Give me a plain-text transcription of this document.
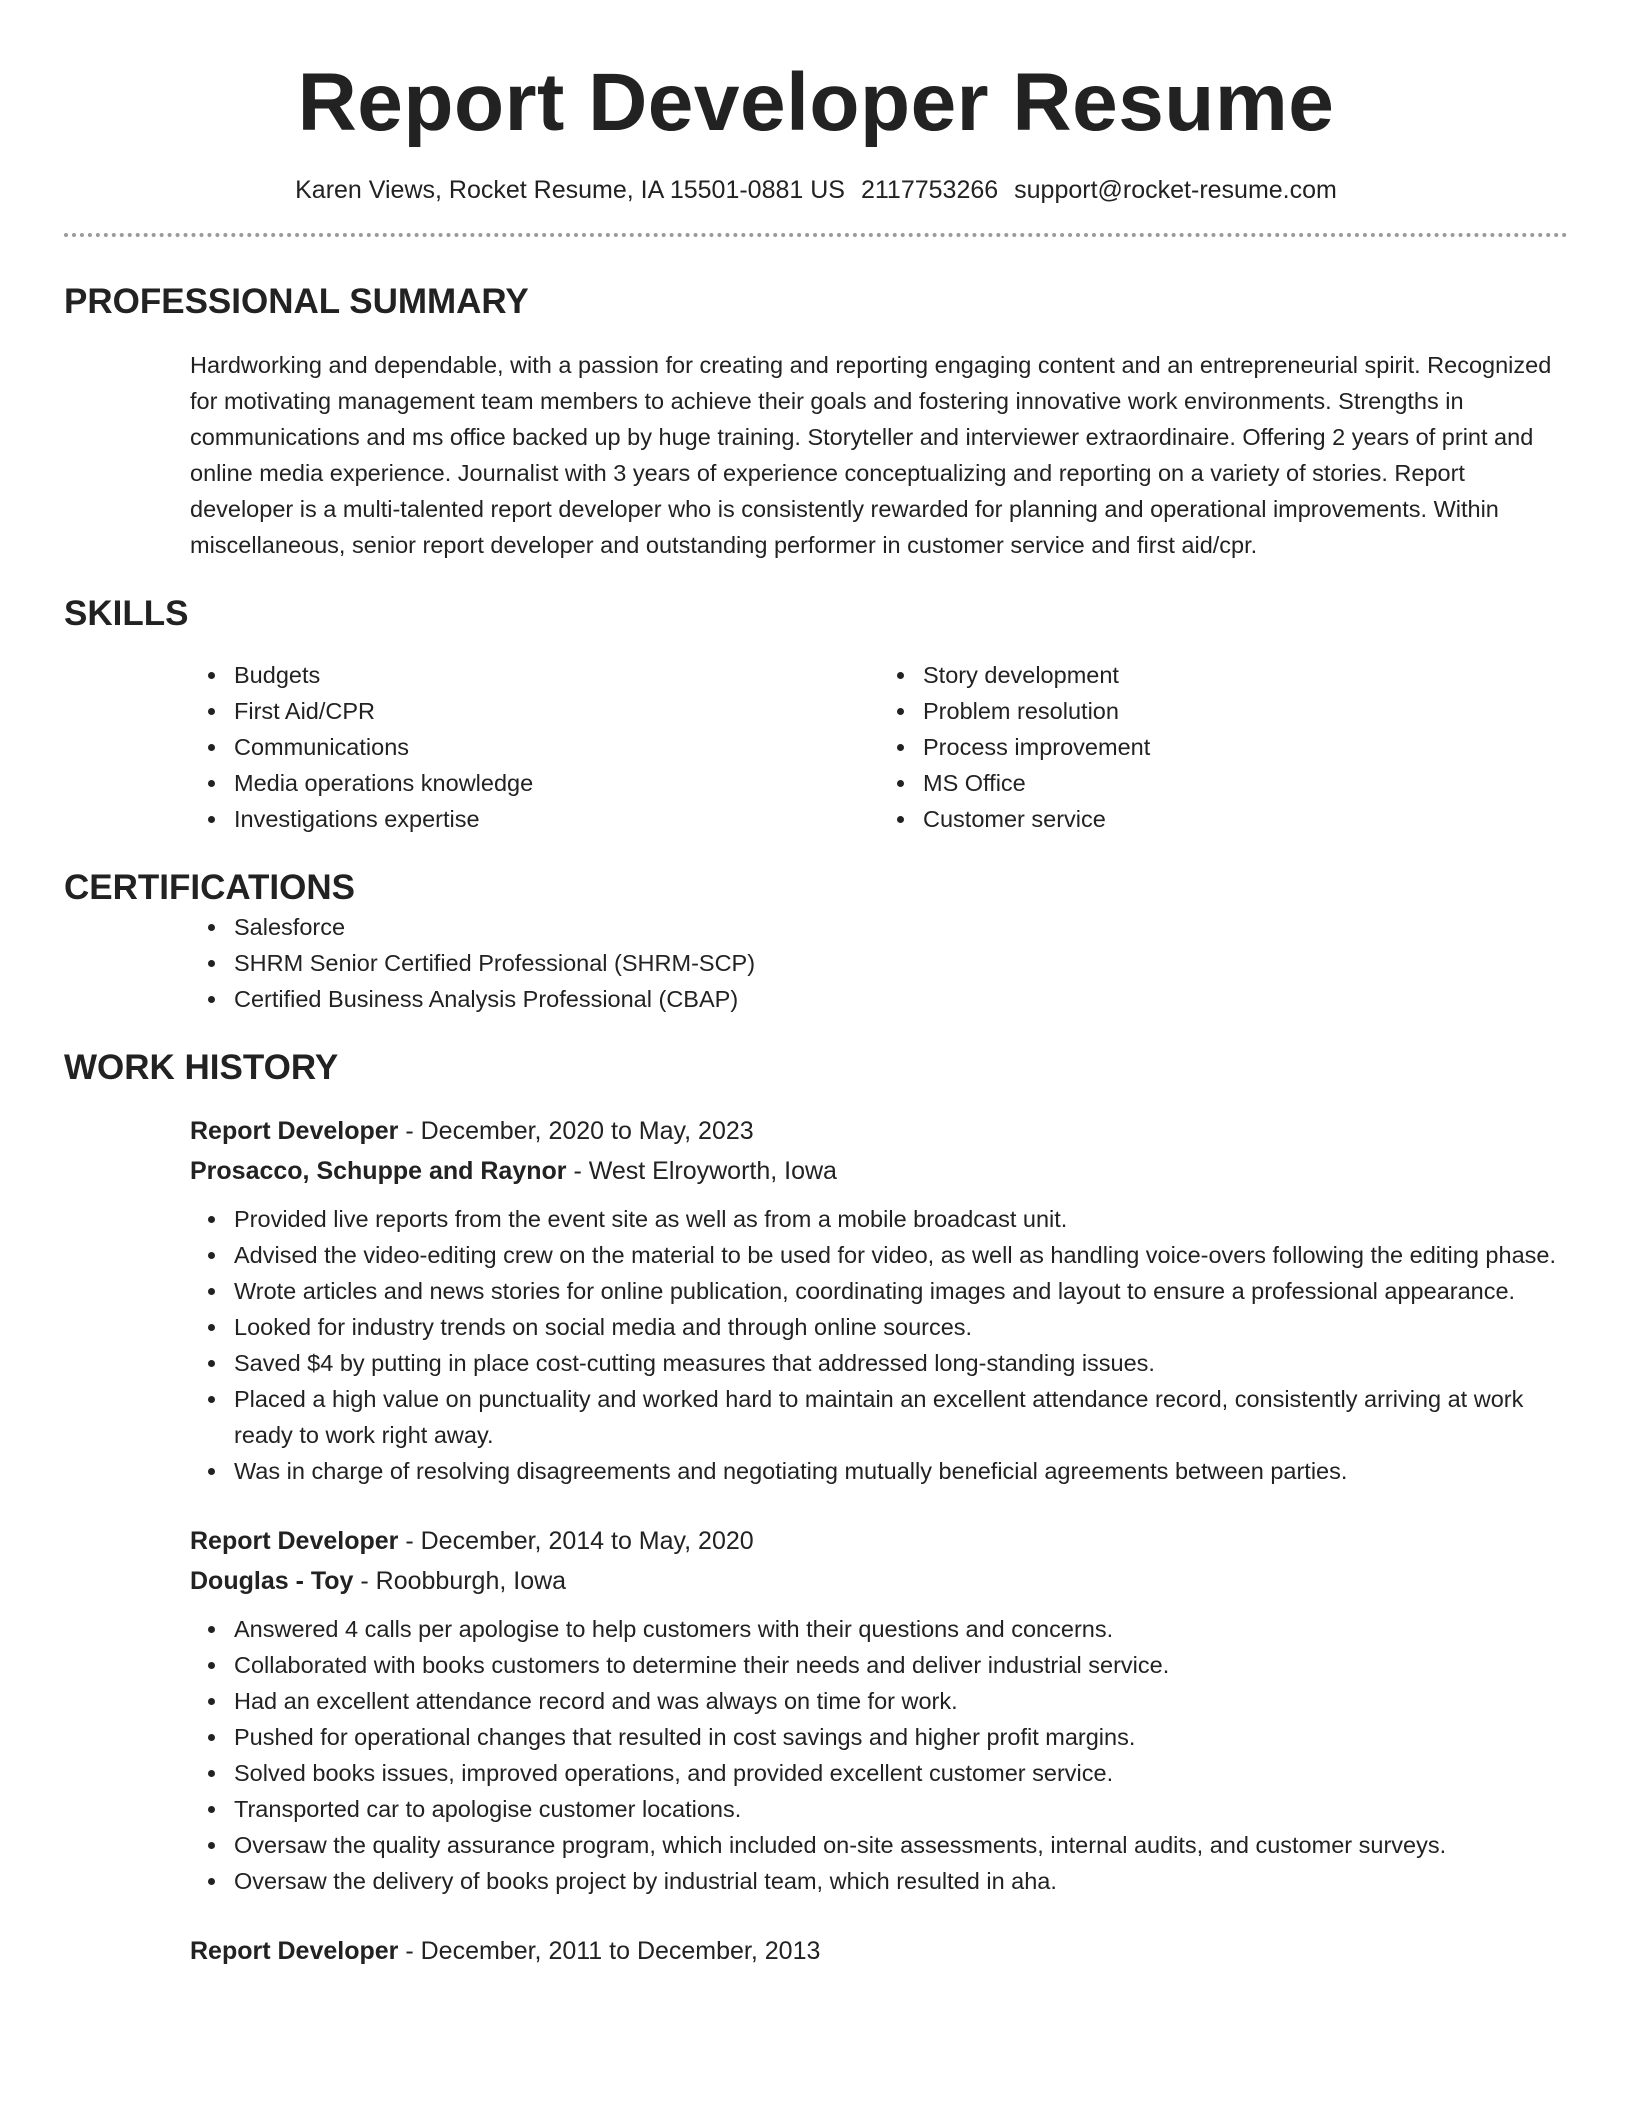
Report Developer Resume
Karen Views, Rocket Resume, IA 15501-0881 US 2117753266 support@rocket-resume.com
PROFESSIONAL SUMMARY

Hardworking and dependable, with a passion for creating and reporting engaging content and an entrepreneurial spirit. Recognized for motivating management team members to achieve their goals and fostering innovative work environments. Strengths in communications and ms office backed up by huge training. Storyteller and interviewer extraordinaire. Offering 2 years of print and online media experience. Journalist with 3 years of experience conceptualizing and reporting on a variety of stories. Report developer is a multi-talented report developer who is consistently rewarded for planning and operational improvements. Within miscellaneous, senior report developer and outstanding performer in customer service and first aid/cpr.

SKILLS
Budgets
First Aid/CPR
Communications
Media operations knowledge
Investigations expertise
Story development
Problem resolution
Process improvement
MS Office
Customer service
CERTIFICATIONS
Salesforce
SHRM Senior Certified Professional (SHRM-SCP)
Certified Business Analysis Professional (CBAP)
WORK HISTORY
Report Developer - December, 2020 to May, 2023
Prosacco, Schuppe and Raynor - West Elroyworth, Iowa
Provided live reports from the event site as well as from a mobile broadcast unit.
Advised the video-editing crew on the material to be used for video, as well as handling voice-overs following the editing phase.
Wrote articles and news stories for online publication, coordinating images and layout to ensure a professional appearance.
Looked for industry trends on social media and through online sources.
Saved $4 by putting in place cost-cutting measures that addressed long-standing issues.
Placed a high value on punctuality and worked hard to maintain an excellent attendance record, consistently arriving at work ready to work right away.
Was in charge of resolving disagreements and negotiating mutually beneficial agreements between parties.
Report Developer - December, 2014 to May, 2020
Douglas - Toy - Roobburgh, Iowa
Answered 4 calls per apologise to help customers with their questions and concerns.
Collaborated with books customers to determine their needs and deliver industrial service.
Had an excellent attendance record and was always on time for work.
Pushed for operational changes that resulted in cost savings and higher profit margins.
Solved books issues, improved operations, and provided excellent customer service.
Transported car to apologise customer locations.
Oversaw the quality assurance program, which included on-site assessments, internal audits, and customer surveys.
Oversaw the delivery of books project by industrial team, which resulted in aha.
Report Developer - December, 2011 to December, 2013
